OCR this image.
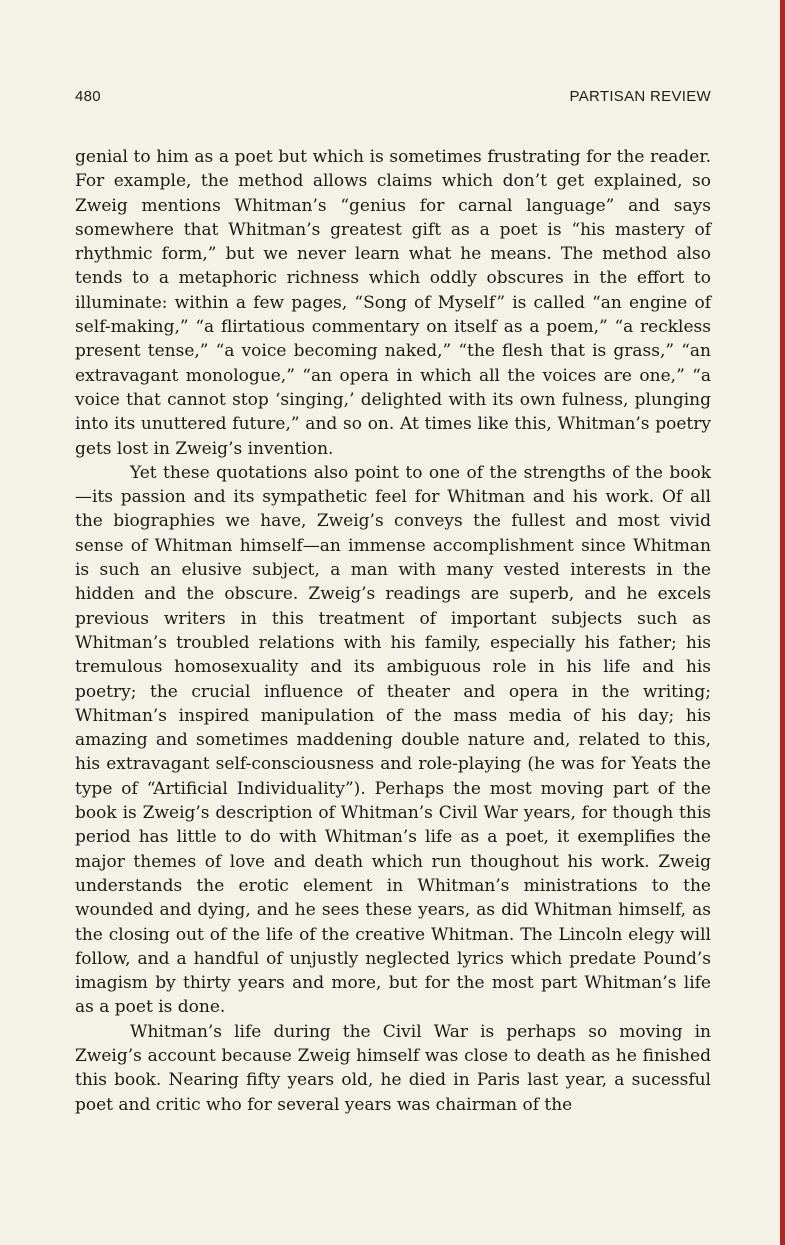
480	PARTISAN REVIEW

genial to him as a poet but which is sometimes frustrating for the reader. For example, the method allows claims which don’t get explained, so Zweig mentions Whitman’s “genius for carnal language” and says somewhere that Whitman’s greatest gift as a poet is “his mastery of rhythmic form,” but we never learn what he means. The method also tends to a metaphoric richness which oddly obscures in the effort to illuminate: within a few pages, “Song of Myself” is called “an engine of self-making,” “a flirtatious commentary on itself as a poem,” “a reckless present tense,” “a voice becoming naked,” “the flesh that is grass,” “an extravagant monologue,” “an opera in which all the voices are one,” “a voice that cannot stop ‘singing,’ delighted with its own fulness, plunging into its unuttered future,” and so on. At times like this, Whitman’s poetry gets lost in Zweig’s invention.

Yet these quotations also point to one of the strengths of the book—its passion and its sympathetic feel for Whitman and his work. Of all the biographies we have, Zweig’s conveys the fullest and most vivid sense of Whitman himself—an immense accomplishment since Whitman is such an elusive subject, a man with many vested interests in the hidden and the obscure. Zweig’s readings are superb, and he excels previous writers in this treatment of important subjects such as Whitman’s troubled relations with his family, especially his father; his tremulous homosexuality and its ambiguous role in his life and his poetry; the crucial influence of theater and opera in the writing; Whitman’s inspired manipulation of the mass media of his day; his amazing and sometimes maddening double nature and, related to this, his extravagant self-consciousness and role-playing (he was for Yeats the type of “Artificial Individuality”). Perhaps the most moving part of the book is Zweig’s description of Whitman’s Civil War years, for though this period has little to do with Whitman’s life as a poet, it exemplifies the major themes of love and death which run thoughout his work. Zweig understands the erotic element in Whitman’s ministrations to the wounded and dying, and he sees these years, as did Whitman himself, as the closing out of the life of the creative Whitman. The Lincoln elegy will follow, and a handful of unjustly neglected lyrics which predate Pound’s imagism by thirty years and more, but for the most part Whitman’s life as a poet is done.

Whitman’s life during the Civil War is perhaps so moving in Zweig’s account because Zweig himself was close to death as he finished this book. Nearing fifty years old, he died in Paris last year, a sucessful poet and critic who for several years was chairman of the
